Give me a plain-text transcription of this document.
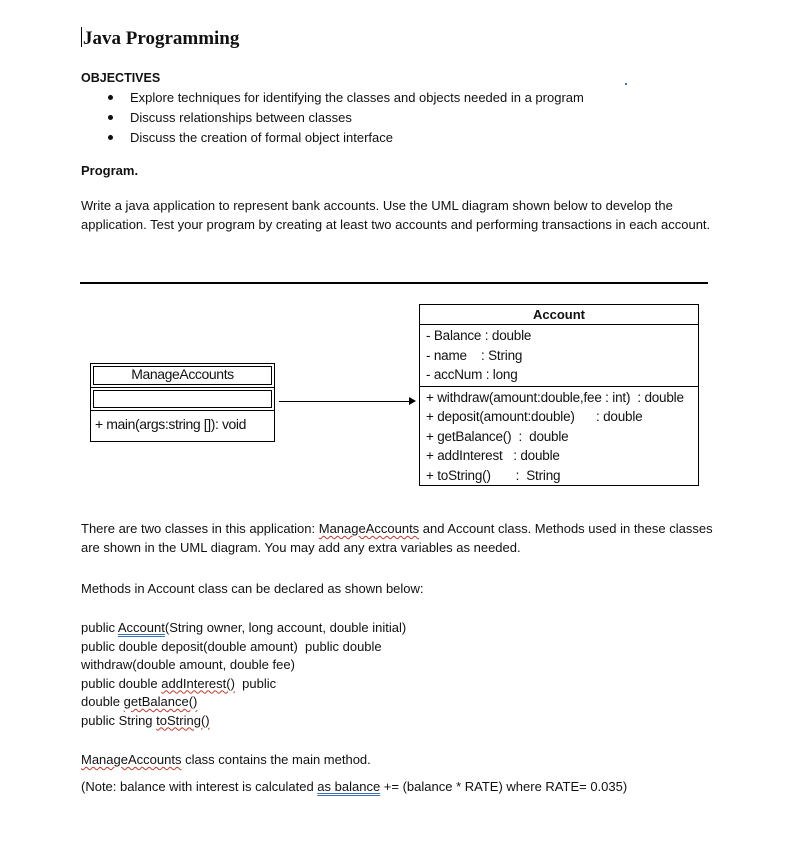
Java Programming
OBJECTIVES
Explore techniques for identifying the classes and objects needed in a program
Discuss relationships between classes
Discuss the creation of formal object interface
Program.
Write a java application to represent bank accounts. Use the UML diagram shown below to develop the application. Test your program by creating at least two accounts and performing transactions in each account.
ManageAccounts
+ main(args:string []): void
Account
- Balance : double
- name    : String
- accNum : long
+ withdraw(amount:double,fee : int)  : double
+ deposit(amount:double)      : double
+ getBalance()  :  double
+ addInterest   : double
+ toString()       :  String
There are two classes in this application: ManageAccounts and Account class. Methods used in these classes are shown in the UML diagram. You may add any extra variables as needed.
Methods in Account class can be declared as shown below:
public Account(String owner, long account, double initial)
public double deposit(double amount)  public double
withdraw(double amount, double fee)
public double addInterest()  public
double getBalance()
public String toString()
ManageAccounts class contains the main method.
(Note: balance with interest is calculated as balance += (balance * RATE) where RATE= 0.035)
